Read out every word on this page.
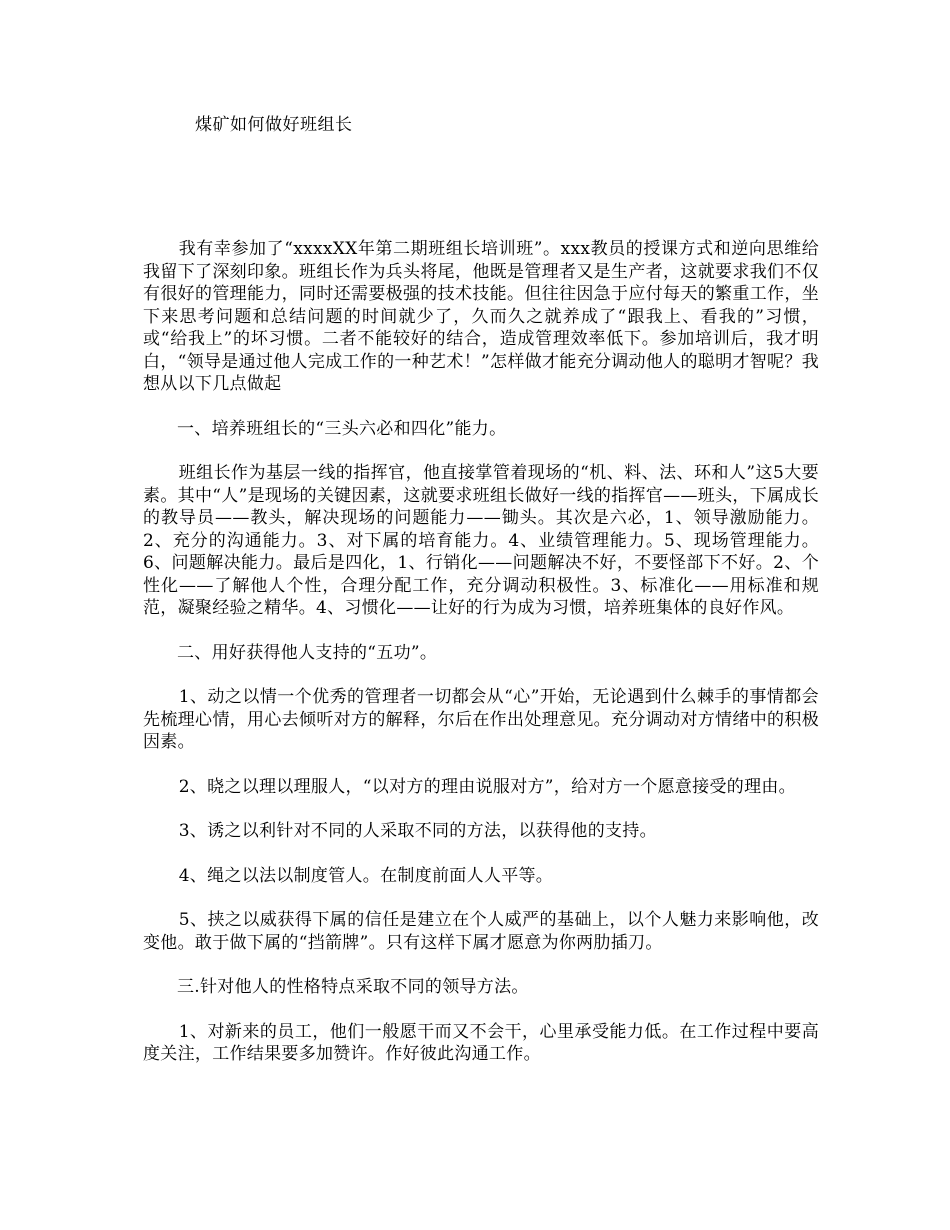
煤矿如何做好班组长

我有幸参加了“xxxxXX年第二期班组长培训班”。xxx教员的授课方式和逆向思维给我留下了深刻印象。班组长作为兵头将尾，他既是管理者又是生产者，这就要求我们不仅有很好的管理能力，同时还需要极强的技术技能。但往往因急于应付每天的繁重工作，坐下来思考问题和总结问题的时间就少了，久而久之就养成了“跟我上、看我的”习惯，或“给我上”的坏习惯。二者不能较好的结合，造成管理效率低下。参加培训后，我才明白，“领导是通过他人完成工作的一种艺术！”怎样做才能充分调动他人的聪明才智呢？我想从以下几点做起

一、培养班组长的“三头六必和四化”能力。

班组长作为基层一线的指挥官，他直接掌管着现场的“机、料、法、环和人”这5大要素。其中“人”是现场的关键因素，这就要求班组长做好一线的指挥官——班头，下属成长的教导员——教头，解决现场的问题能力——锄头。其次是六必，1、领导激励能力。2、充分的沟通能力。3、对下属的培育能力。4、业绩管理能力。5、现场管理能力。6、问题解决能力。最后是四化，1、行销化——问题解决不好，不要怪部下不好。2、个性化——了解他人个性，合理分配工作，充分调动积极性。3、标准化——用标准和规范，凝聚经验之精华。4、习惯化——让好的行为成为习惯，培养班集体的良好作风。

二、用好获得他人支持的“五功”。

1、动之以情一个优秀的管理者一切都会从“心”开始，无论遇到什么棘手的事情都会先梳理心情，用心去倾听对方的解释，尔后在作出处理意见。充分调动对方情绪中的积极因素。

2、晓之以理以理服人，“以对方的理由说服对方”，给对方一个愿意接受的理由。

3、诱之以利针对不同的人采取不同的方法，以获得他的支持。

4、绳之以法以制度管人。在制度前面人人平等。

5、挟之以威获得下属的信任是建立在个人威严的基础上，以个人魅力来影响他，改变他。敢于做下属的“挡箭牌”。只有这样下属才愿意为你两肋插刀。

三.针对他人的性格特点采取不同的领导方法。

1、对新来的员工，他们一般愿干而又不会干，心里承受能力低。在工作过程中要高度关注，工作结果要多加赞许。作好彼此沟通工作。
